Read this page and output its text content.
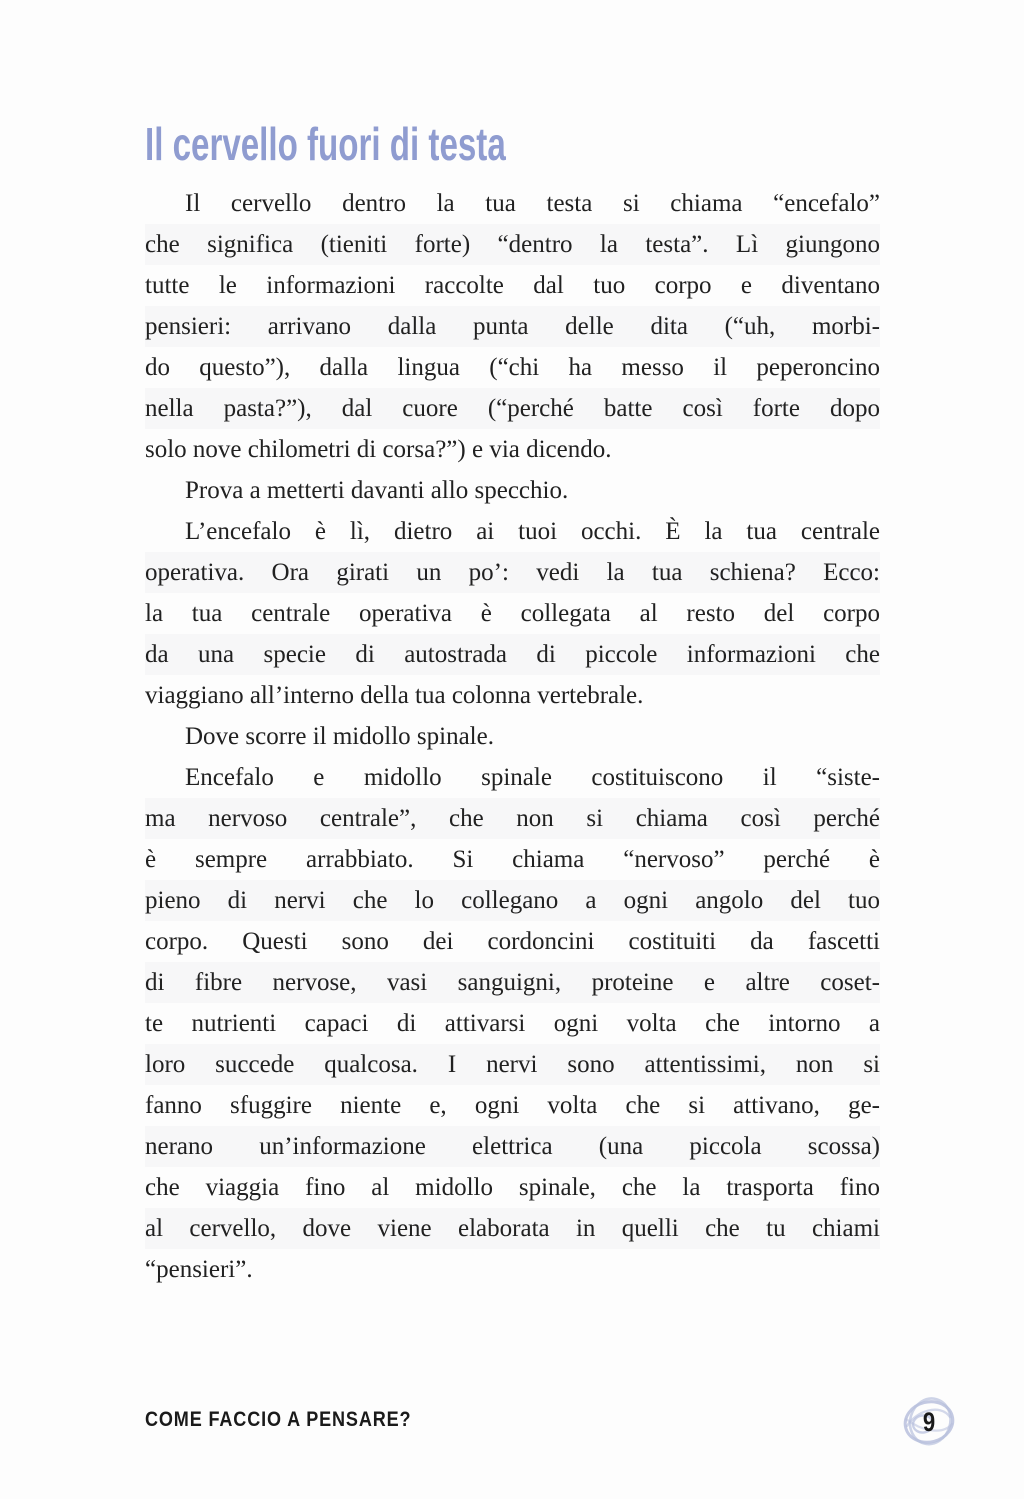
Il cervello fuori di testa
Il cervello dentro la tua testa si chiama “encefalo”
che significa (tieniti forte) “dentro la testa”. Lì giungono
tutte le informazioni raccolte dal tuo corpo e diventano
pensieri: arrivano dalla punta delle dita (“uh, morbi-
do questo”), dalla lingua (“chi ha messo il peperoncino
nella pasta?”), dal cuore (“perché batte così forte dopo
solo nove chilometri di corsa?”) e via dicendo.
Prova a metterti davanti allo specchio.
L’encefalo è lì, dietro ai tuoi occhi. È la tua centrale
operativa. Ora girati un po’: vedi la tua schiena? Ecco:
la tua centrale operativa è collegata al resto del corpo
da una specie di autostrada di piccole informazioni che
viaggiano all’interno della tua colonna vertebrale.
Dove scorre il midollo spinale.
Encefalo e midollo spinale costituiscono il “siste-
ma nervoso centrale”, che non si chiama così perché
è sempre arrabbiato. Si chiama “nervoso” perché è
pieno di nervi che lo collegano a ogni angolo del tuo
corpo. Questi sono dei cordoncini costituiti da fascetti
di fibre nervose, vasi sanguigni, proteine e altre coset-
te nutrienti capaci di attivarsi ogni volta che intorno a
loro succede qualcosa. I nervi sono attentissimi, non si
fanno sfuggire niente e, ogni volta che si attivano, ge-
nerano un’informazione elettrica (una piccola scossa)
che viaggia fino al midollo spinale, che la trasporta fino
al cervello, dove viene elaborata in quelli che tu chiami
“pensieri”.
COME FACCIO A PENSARE?	9
